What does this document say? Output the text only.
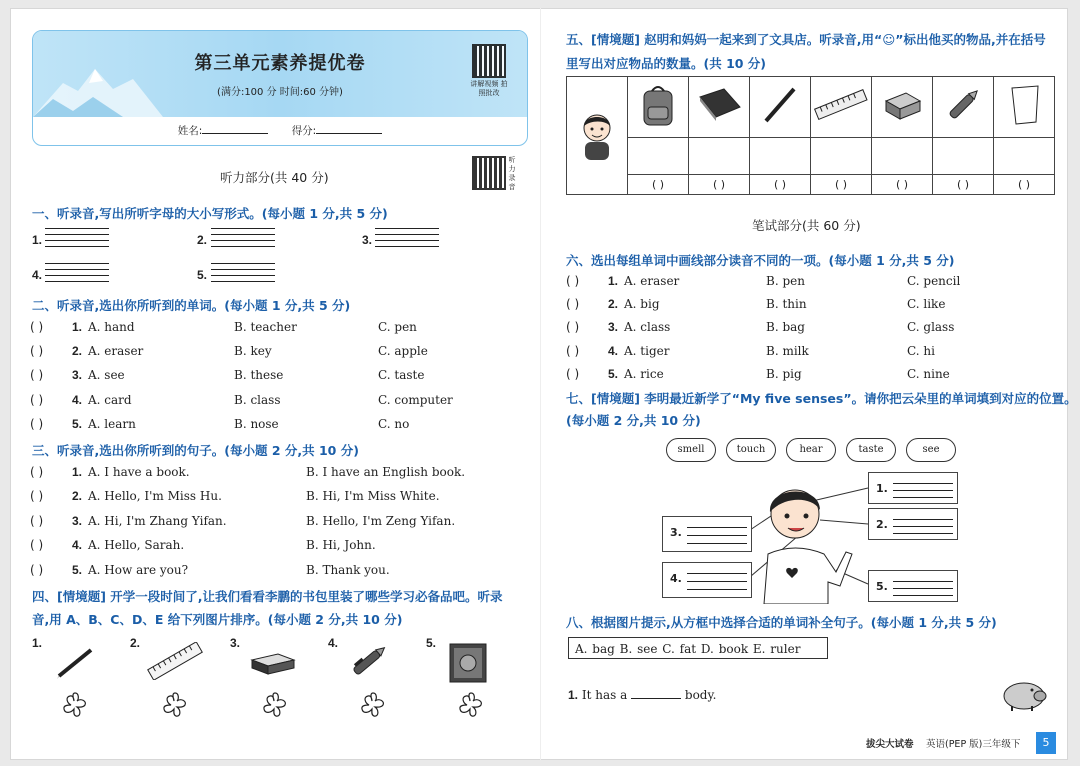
第三单元素养提优卷
(满分:100 分 时间:60 分钟)
姓名:	得分:
讲解视频 拍照批改
听力部分(共 40 分)
听力录音
一、听录音,写出所听字母的大小写形式。(每小题 1 分,共 5 分)
1.	2.	3.
4.	5.
二、听录音,选出你所听到的单词。(每小题 1 分,共 5 分)
( ) 1. A. hand	B. teacher	C. pen
( ) 2. A. eraser	B. key	C. apple
( ) 3. A. see	B. these	C. taste
( ) 4. A. card	B. class	C. computer
( ) 5. A. learn	B. nose	C. no
三、听录音,选出你所听到的句子。(每小题 2 分,共 10 分)
( ) 1. A. I have a book.	B. I have an English book.
( ) 2. A. Hello, I'm Miss Hu.	B. Hi, I'm Miss White.
( ) 3. A. Hi, I'm Zhang Yifan.	B. Hello, I'm Zeng Yifan.
( ) 4. A. Hello, Sarah.	B. Hi, John.
( ) 5. A. How are you?	B. Thank you.
四、[情境题] 开学一段时间了,让我们看看李鹏的书包里装了哪些学习必备品吧。听录
音,用 A、B、C、D、E 给下列图片排序。(每小题 2 分,共 10 分)
1.	2.	3.	4.	5.
五、[情境题] 赵明和妈妈一起来到了文具店。听录音,用“☺”标出他买的物品,并在括号
里写出对应物品的数量。(共 10 分)

	( )	( )	( )	( )	( )	( )	( )
笔试部分(共 60 分)
六、选出每组单词中画线部分读音不同的一项。(每小题 1 分,共 5 分)
( ) 1. A. eraser	B. pen	C. pencil
( ) 2. A. big	B. thin	C. like
( ) 3. A. class	B. bag	C. glass
( ) 4. A. tiger	B. milk	C. hi
( ) 5. A. rice	B. pig	C. nine
七、[情境题] 李明最近新学了“My five senses”。请你把云朵里的单词填到对应的位置。
(每小题 2 分,共 10 分)
smell	touch	hear	taste	see
1.
2.
3.
4.
5.
八、根据图片提示,从方框中选择合适的单词补全句子。(每小题 1 分,共 5 分)
A. bag B. see C. fat D. book E. ruler
1. It has a	body.
拔尖大试卷 英语(PEP 版)三年级下	5
